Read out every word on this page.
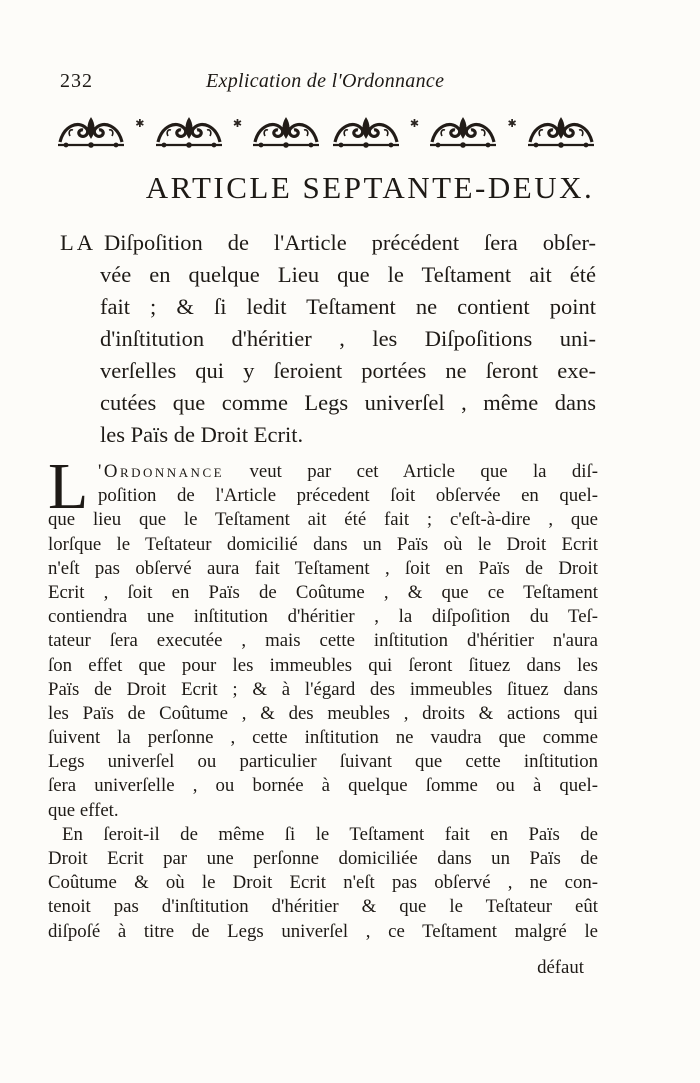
232	Explication de l'Ordonnance
✱	✱	✱	✱
ARTICLE SEPTANTE-DEUX.
LA Diſpoſition de l'Article précédent ſera obſer-
vée en quelque Lieu que le Teſtament ait été
fait ; & ſi ledit Teſtament ne contient point
d'inſtitution d'héritier , les Diſpoſitions uni-
verſelles qui y ſeroient portées ne ſeront exe-
cutées que comme Legs univerſel , même dans
les Païs de Droit Ecrit.
L 'Ordonnance veut par cet Article que la diſ-
poſition de l'Article précedent ſoit obſervée en quel-
que lieu que le Teſtament ait été fait ; c'eſt-à-dire , que
lorſque le Teſtateur domicilié dans un Païs où le Droit Ecrit
n'eſt pas obſervé aura fait Teſtament , ſoit en Païs de Droit
Ecrit , ſoit en Païs de Coûtume , & que ce Teſtament
contiendra une inſtitution d'héritier , la diſpoſition du Teſ-
tateur ſera executée , mais cette inſtitution d'héritier n'aura
ſon effet que pour les immeubles qui ſeront ſituez dans les
Païs de Droit Ecrit ; & à l'égard des immeubles ſituez dans
les Païs de Coûtume , & des meubles , droits & actions qui
ſuivent la perſonne , cette inſtitution ne vaudra que comme
Legs univerſel ou particulier ſuivant que cette inſtitution
ſera univerſelle , ou bornée à quelque ſomme ou à quel-
que effet.
En ſeroit-il de même ſi le Teſtament fait en Païs de
Droit Ecrit par une perſonne domiciliée dans un Païs de
Coûtume & où le Droit Ecrit n'eſt pas obſervé , ne con-
tenoit pas d'inſtitution d'héritier & que le Teſtateur eût
diſpoſé à titre de Legs univerſel , ce Teſtament malgré le
défaut
